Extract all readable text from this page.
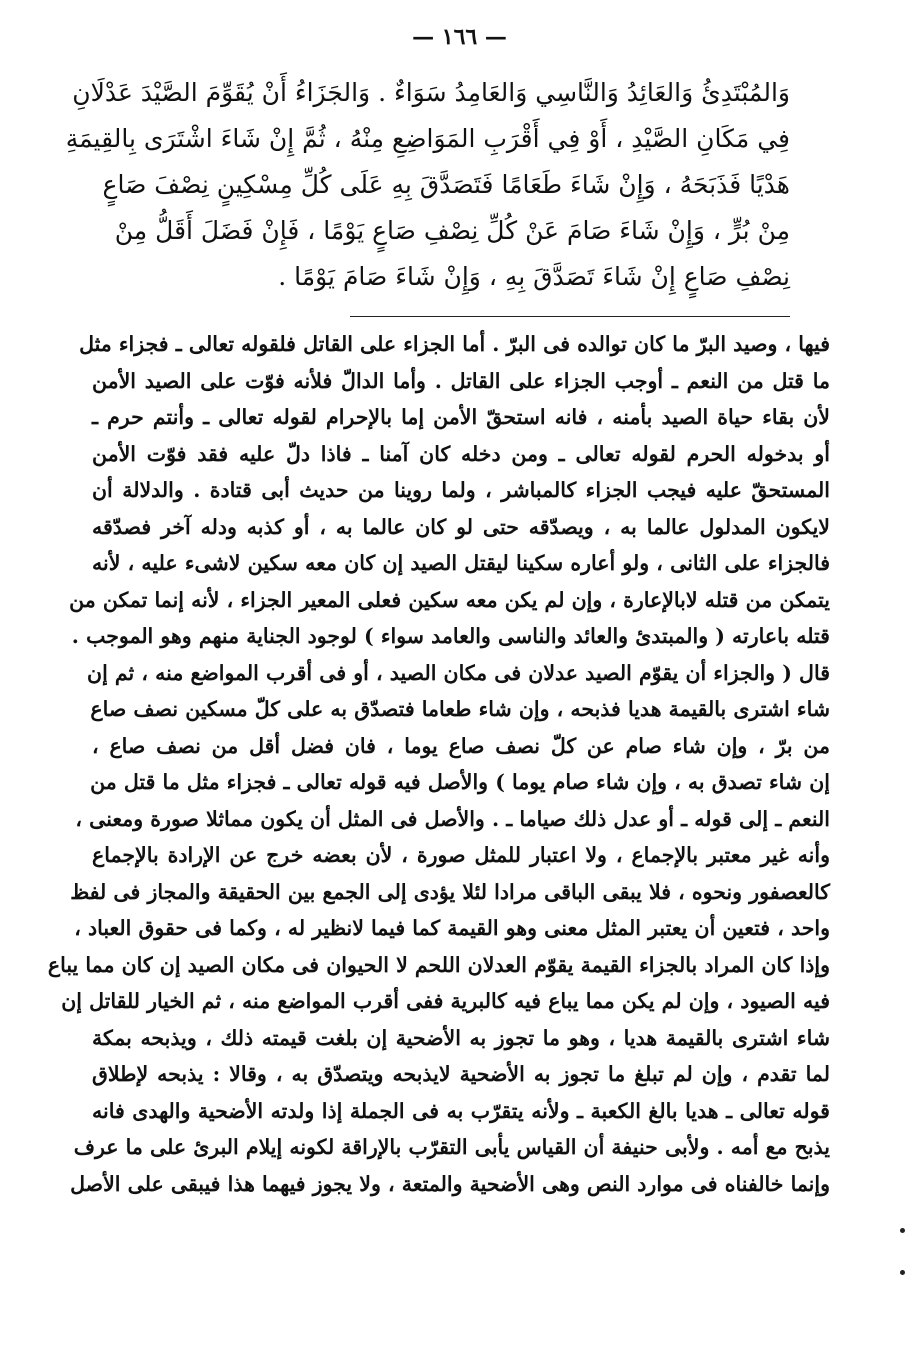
— ١٦٦ —
وَالمُبْتَدِئُ وَالعَائِدُ وَالنَّاسِي وَالعَامِدُ سَوَاءٌ . وَالجَزَاءُ أَنْ يُقَوِّمَ الصَّيْدَ عَدْلَانِ
فِي مَكَانِ الصَّيْدِ ، أَوْ فِي أَقْرَبِ المَوَاضِعِ مِنْهُ ، ثُمَّ إِنْ شَاءَ اشْتَرَى بِالقِيمَةِ
هَدْيًا فَذَبَحَهُ ، وَإِنْ شَاءَ طَعَامًا فَتَصَدَّقَ بِهِ عَلَى كُلِّ مِسْكِينٍ نِصْفَ صَاعٍ
مِنْ بُرٍّ ، وَإِنْ شَاءَ صَامَ عَنْ كُلِّ نِصْفِ صَاعٍ يَوْمًا ، فَإِنْ فَضَلَ أَقَلُّ مِنْ
نِصْفِ صَاعٍ إِنْ شَاءَ تَصَدَّقَ بِهِ ، وَإِنْ شَاءَ صَامَ يَوْمًا .
فيها ، وصيد البرّ ما كان توالده فى البرّ . أما الجزاء على القاتل فلقوله تعالى ـ فجزاء مثل
ما قتل من النعم ـ أوجب الجزاء على القاتل . وأما الدالّ فلأنه فوّت على الصيد الأمن
لأن بقاء حياة الصيد بأمنه ، فانه استحقّ الأمن إما بالإحرام لقوله تعالى ـ وأنتم حرم ـ
أو بدخوله الحرم لقوله تعالى ـ ومن دخله كان آمنا ـ فاذا دلّ عليه فقد فوّت الأمن
المستحقّ عليه فيجب الجزاء كالمباشر ، ولما روينا من حديث أبى قتادة . والدلالة أن
لايكون المدلول عالما به ، ويصدّقه حتى لو كان عالما به ، أو كذبه ودله آخر فصدّقه
فالجزاء على الثانى ، ولو أعاره سكينا ليقتل الصيد إن كان معه سكين لاشىء عليه ، لأنه
يتمكن من قتله لابالإعارة ، وإن لم يكن معه سكين فعلى المعير الجزاء ، لأنه إنما تمكن من
قتله باعارته ( والمبتدئ والعائد والناسى والعامد سواء ) لوجود الجناية منهم وهو الموجب .
قال ( والجزاء أن يقوّم الصيد عدلان فى مكان الصيد ، أو فى أقرب المواضع منه ، ثم إن
شاء اشترى بالقيمة هديا فذبحه ، وإن شاء طعاما فتصدّق به على كلّ مسكين نصف صاع
من برّ ، وإن شاء صام عن كلّ نصف صاع يوما ، فان فضل أقل من نصف صاع ،
إن شاء تصدق به ، وإن شاء صام يوما ) والأصل فيه قوله تعالى ـ فجزاء مثل ما قتل من
النعم ـ إلى قوله ـ أو عدل ذلك صياما ـ . والأصل فى المثل أن يكون مماثلا صورة ومعنى ،
وأنه غير معتبر بالإجماع ، ولا اعتبار للمثل صورة ، لأن بعضه خرج عن الإرادة بالإجماع
كالعصفور ونحوه ، فلا يبقى الباقى مرادا لئلا يؤدى إلى الجمع بين الحقيقة والمجاز فى لفظ
واحد ، فتعين أن يعتبر المثل معنى وهو القيمة كما فيما لانظير له ، وكما فى حقوق العباد ،
وإذا كان المراد بالجزاء القيمة يقوّم العدلان اللحم لا الحيوان فى مكان الصيد إن كان مما يباع
فيه الصيود ، وإن لم يكن مما يباع فيه كالبرية ففى أقرب المواضع منه ، ثم الخيار للقاتل إن
شاء اشترى بالقيمة هديا ، وهو ما تجوز به الأضحية إن بلغت قيمته ذلك ، ويذبحه بمكة
لما تقدم ، وإن لم تبلغ ما تجوز به الأضحية لايذبحه ويتصدّق به ، وقالا : يذبحه لإطلاق
قوله تعالى ـ هديا بالغ الكعبة ـ ولأنه يتقرّب به فى الجملة إذا ولدته الأضحية والهدى فانه
يذبح مع أمه . ولأبى حنيفة أن القياس يأبى التقرّب بالإراقة لكونه إيلام البرئ على ما عرف
وإنما خالفناه فى موارد النص وهى الأضحية والمتعة ، ولا يجوز فيهما هذا فيبقى على الأصل
